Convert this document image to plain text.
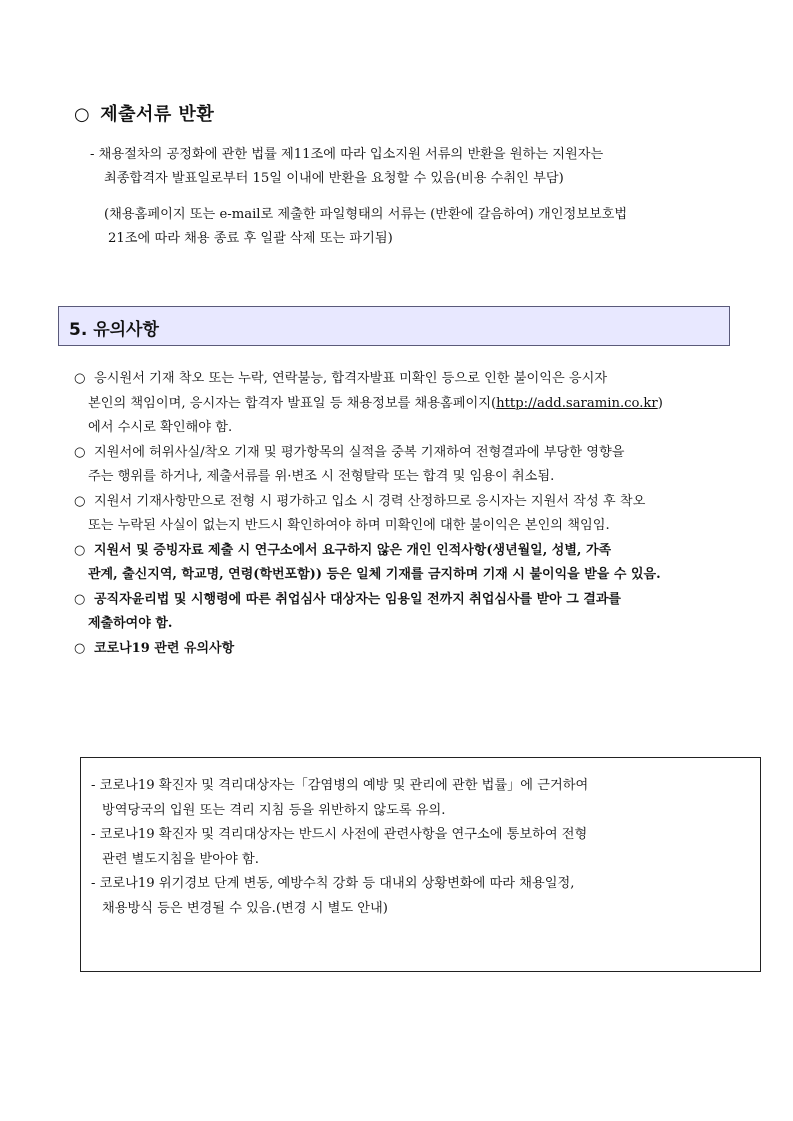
○ 제출서류 반환
- 채용절차의 공정화에 관한 법률 제11조에 따라 입소지원 서류의 반환을 원하는 지원자는
최종합격자 발표일로부터 15일 이내에 반환을 요청할 수 있음(비용 수취인 부담)
(채용홈페이지 또는 e-mail로 제출한 파일형태의 서류는 (반환에 갈음하여) 개인정보보호법
21조에 따라 채용 종료 후 일괄 삭제 또는 파기됨)
5. 유의사항
○ 응시원서 기재 착오 또는 누락, 연락불능, 합격자발표 미확인 등으로 인한 불이익은 응시자
본인의 책임이며, 응시자는 합격자 발표일 등 채용정보를 채용홈페이지(http://add.saramin.co.kr)
에서 수시로 확인해야 함.
○ 지원서에 허위사실/착오 기재 및 평가항목의 실적을 중복 기재하여 전형결과에 부당한 영향을
주는 행위를 하거나, 제출서류를 위·변조 시 전형탈락 또는 합격 및 임용이 취소됨.
○ 지원서 기재사항만으로 전형 시 평가하고 입소 시 경력 산정하므로 응시자는 지원서 작성 후 착오
또는 누락된 사실이 없는지 반드시 확인하여야 하며 미확인에 대한 불이익은 본인의 책임임.
○ 지원서 및 증빙자료 제출 시 연구소에서 요구하지 않은 개인 인적사항(생년월일, 성별, 가족
관계, 출신지역, 학교명, 연령(학번포함)) 등은 일체 기재를 금지하며 기재 시 불이익을 받을 수 있음.
○ 공직자윤리법 및 시행령에 따른 취업심사 대상자는 임용일 전까지 취업심사를 받아 그 결과를
제출하여야 함.
○ 코로나19 관련 유의사항
- 코로나19 확진자 및 격리대상자는「감염병의 예방 및 관리에 관한 법률」에 근거하여
방역당국의 입원 또는 격리 지침 등을 위반하지 않도록 유의.
- 코로나19 확진자 및 격리대상자는 반드시 사전에 관련사항을 연구소에 통보하여 전형
관련 별도지침을 받아야 함.
- 코로나19 위기경보 단계 변동, 예방수칙 강화 등 대내외 상황변화에 따라 채용일정,
채용방식 등은 변경될 수 있음.(변경 시 별도 안내)
